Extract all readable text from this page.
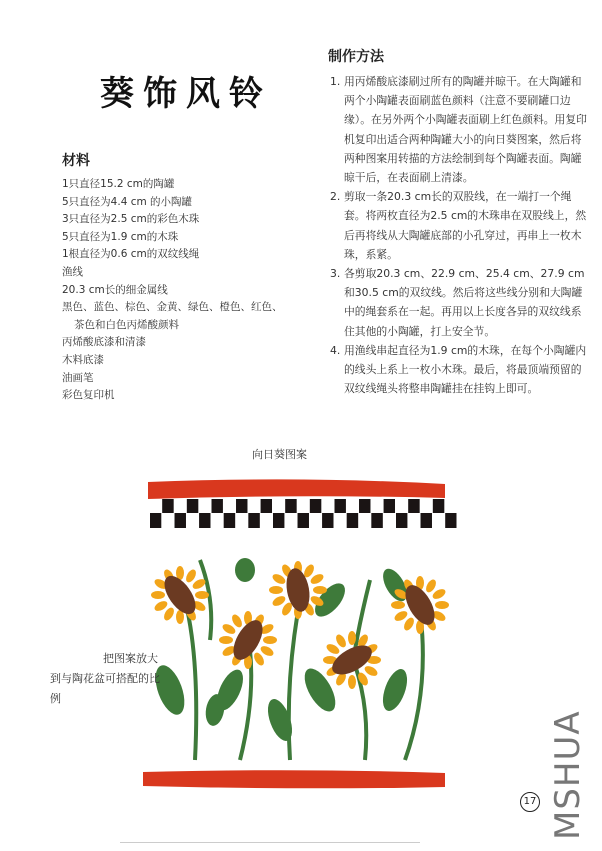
葵饰风铃
材料
1只直径15.2 cm的陶罐
5只直径为4.4 cm 的小陶罐
3只直径为2.5 cm的彩色木珠
5只直径为1.9 cm的木珠
1根直径为0.6 cm的双纹线绳
渔线
20.3 cm长的细金属线
黑色、蓝色、棕色、金黄、绿色、橙色、红色、
茶色和白色丙烯酸颜料
丙烯酸底漆和清漆
木料底漆
油画笔
彩色复印机
制作方法
1. 用丙烯酸底漆刷过所有的陶罐并晾干。在大陶罐和两个小陶罐表面刷蓝色颜料（注意不要刷罐口边缘）。在另外两个小陶罐表面刷上红色颜料。用复印机复印出适合两种陶罐大小的向日葵图案，然后将两种图案用转描的方法绘制到每个陶罐表面。陶罐晾干后，在表面刷上清漆。
2. 剪取一条20.3 cm长的双股线，在一端打一个绳套。将两枚直径为2.5 cm的木珠串在双股线上，然后再将线从大陶罐底部的小孔穿过，再串上一枚木珠，系紧。
3. 各剪取20.3 cm、22.9 cm、25.4 cm、27.9 cm和30.5 cm的双纹线。然后将这些线分别和大陶罐中的绳套系在一起。再用以上长度各异的双纹线系住其他的小陶罐，打上安全节。
4. 用渔线串起直径为1.9 cm的木珠，在每个小陶罐内的线头上系上一枚小木珠。最后，将最顶端预留的双纹线绳头将整串陶罐挂在挂钩上即可。
向日葵图案
把图案放大
到与陶花盆可搭配的比例
17 MSHUA
